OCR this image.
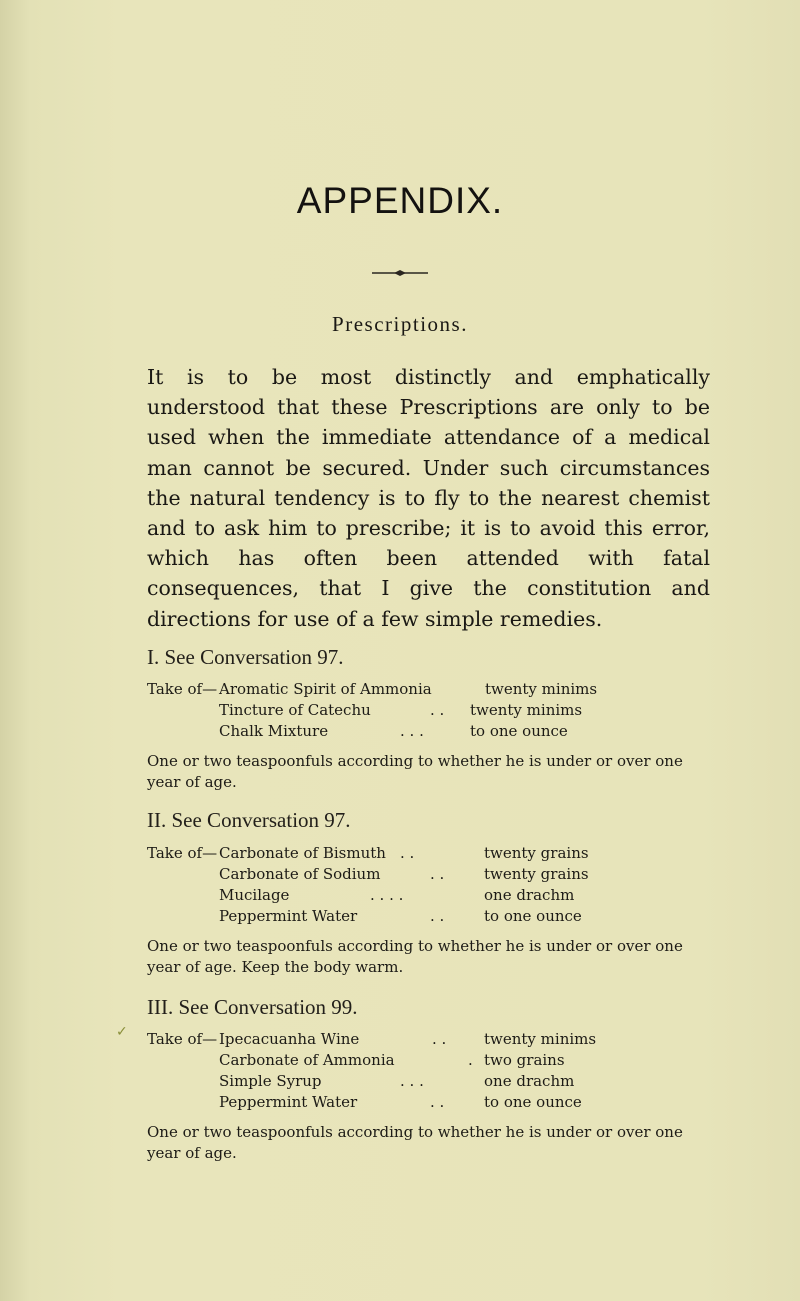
APPENDIX.
Prescriptions.
It is to be most distinctly and emphatically understood that these Prescriptions are only to be used when the immediate attendance of a medical man cannot be secured. Under such circumstances the natural tendency is to fly to the nearest chemist and to ask him to prescribe; it is to avoid this error, which has often been attended with fatal consequences, that I give the constitution and directions for use of a few simple remedies.
I. See Conversation 97.
Take of— Aromatic Spirit of Ammonia	twenty minims
Tincture of Catechu	. . twenty minims
Chalk Mixture	. . .	to one ounce
One or two teaspoonfuls according to whether he is under or over one year of age.
II. See Conversation 97.
Take of— Carbonate of Bismuth . .	twenty grains
Carbonate of Sodium	. .	twenty grains
Mucilage	. . . .	one drachm
Peppermint Water	. .	to one ounce
One or two teaspoonfuls according to whether he is under or over one year of age. Keep the body warm.
✓
III. See Conversation 99.
Take of— Ipecacuanha Wine	. .	twenty minims
Carbonate of Ammonia	. two grains
Simple Syrup	. . .	one drachm
Peppermint Water	. .	to one ounce
One or two teaspoonfuls according to whether he is under or over one year of age.
